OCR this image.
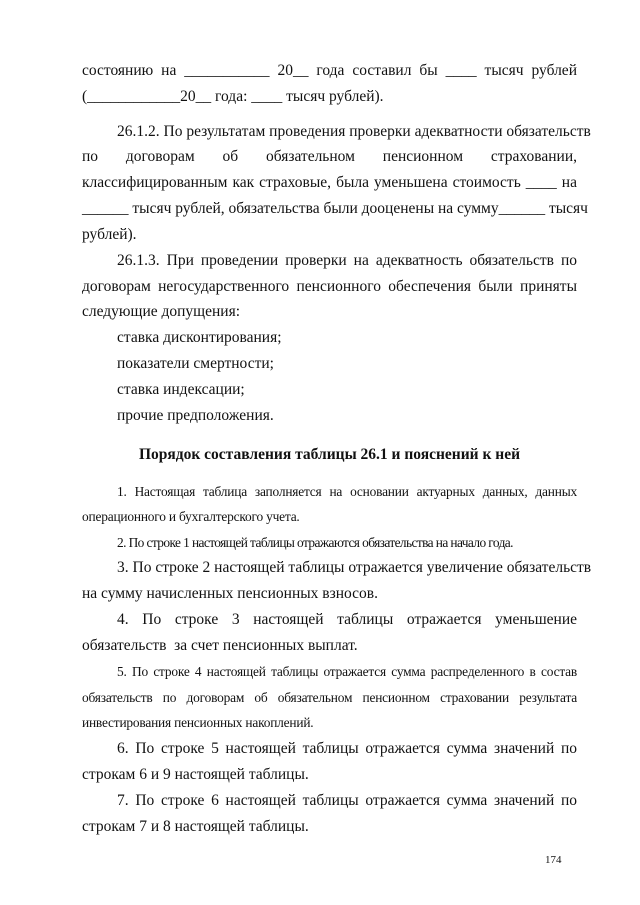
состоянию на ___________ 20__ года составил бы ____ тысяч рублей
(____________20__ года: ____ тысяч рублей).
26.1.2. По результатам проведения проверки адекватности обязательств
по договорам об обязательном пенсионном страховании,
классифицированным как страховые, была уменьшена стоимость ____ на
______ тысяч рублей, обязательства были дооценены на сумму______ тысяч
рублей).
26.1.3. При проведении проверки на адекватность обязательств по
договорам негосударственного пенсионного обеспечения были приняты
следующие допущения:
ставка дисконтирования;
показатели смертности;
ставка индексации;
прочие предположения.
Порядок составления таблицы 26.1 и пояснений к ней
1. Настоящая таблица заполняется на основании актуарных данных, данных
операционного и бухгалтерского учета.
2. По строке 1 настоящей таблицы отражаются обязательства на начало года.
3. По строке 2 настоящей таблицы отражается увеличение обязательств
на сумму начисленных пенсионных взносов.
4. По строке 3 настоящей таблицы отражается уменьшение
обязательств  за счет пенсионных выплат.
5. По строке 4 настоящей таблицы отражается сумма распределенного в состав
обязательств по договорам об обязательном пенсионном страховании результата
инвестирования пенсионных накоплений.
6. По строке 5 настоящей таблицы отражается сумма значений по
строкам 6 и 9 настоящей таблицы.
7. По строке 6 настоящей таблицы отражается сумма значений по
строкам 7 и 8 настоящей таблицы.
174
